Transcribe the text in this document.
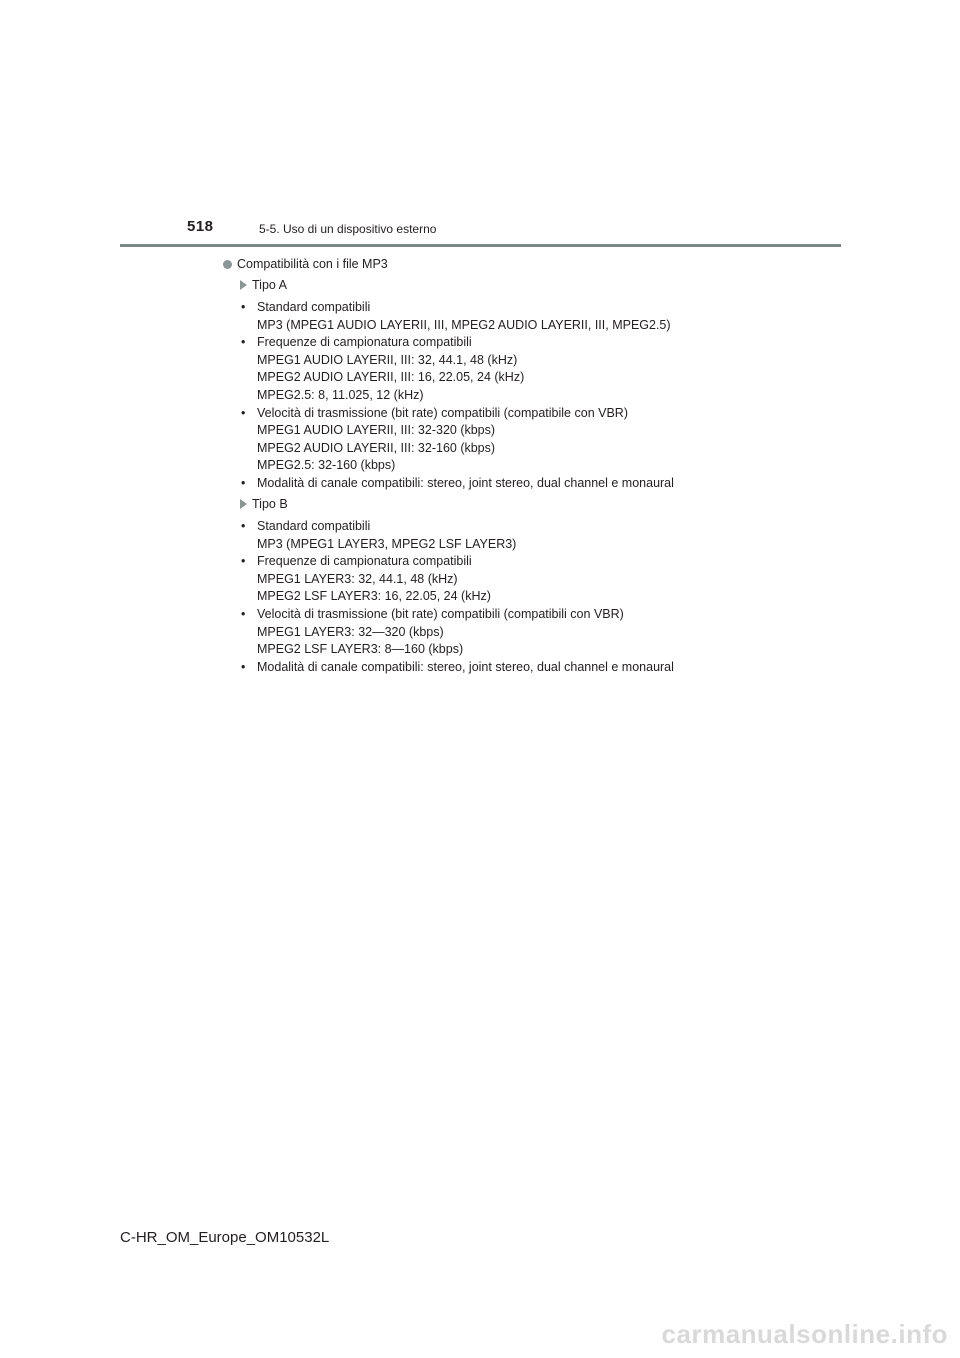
518	5-5. Uso di un dispositivo esterno
Compatibilità con i file MP3
Tipo A
• Standard compatibili
MP3 (MPEG1 AUDIO LAYERII, III, MPEG2 AUDIO LAYERII, III, MPEG2.5)
• Frequenze di campionatura compatibili
MPEG1 AUDIO LAYERII, III: 32, 44.1, 48 (kHz)
MPEG2 AUDIO LAYERII, III: 16, 22.05, 24 (kHz)
MPEG2.5: 8, 11.025, 12 (kHz)
• Velocità di trasmissione (bit rate) compatibili (compatibile con VBR)
MPEG1 AUDIO LAYERII, III: 32-320 (kbps)
MPEG2 AUDIO LAYERII, III: 32-160 (kbps)
MPEG2.5: 32-160 (kbps)
• Modalità di canale compatibili: stereo, joint stereo, dual channel e monaural
Tipo B
• Standard compatibili
MP3 (MPEG1 LAYER3, MPEG2 LSF LAYER3)
• Frequenze di campionatura compatibili
MPEG1 LAYER3: 32, 44.1, 48 (kHz)
MPEG2 LSF LAYER3: 16, 22.05, 24 (kHz)
• Velocità di trasmissione (bit rate) compatibili (compatibili con VBR)
MPEG1 LAYER3: 32—320 (kbps)
MPEG2 LSF LAYER3: 8—160 (kbps)
• Modalità di canale compatibili: stereo, joint stereo, dual channel e monaural
C-HR_OM_Europe_OM10532L
carmanualsonline.info
